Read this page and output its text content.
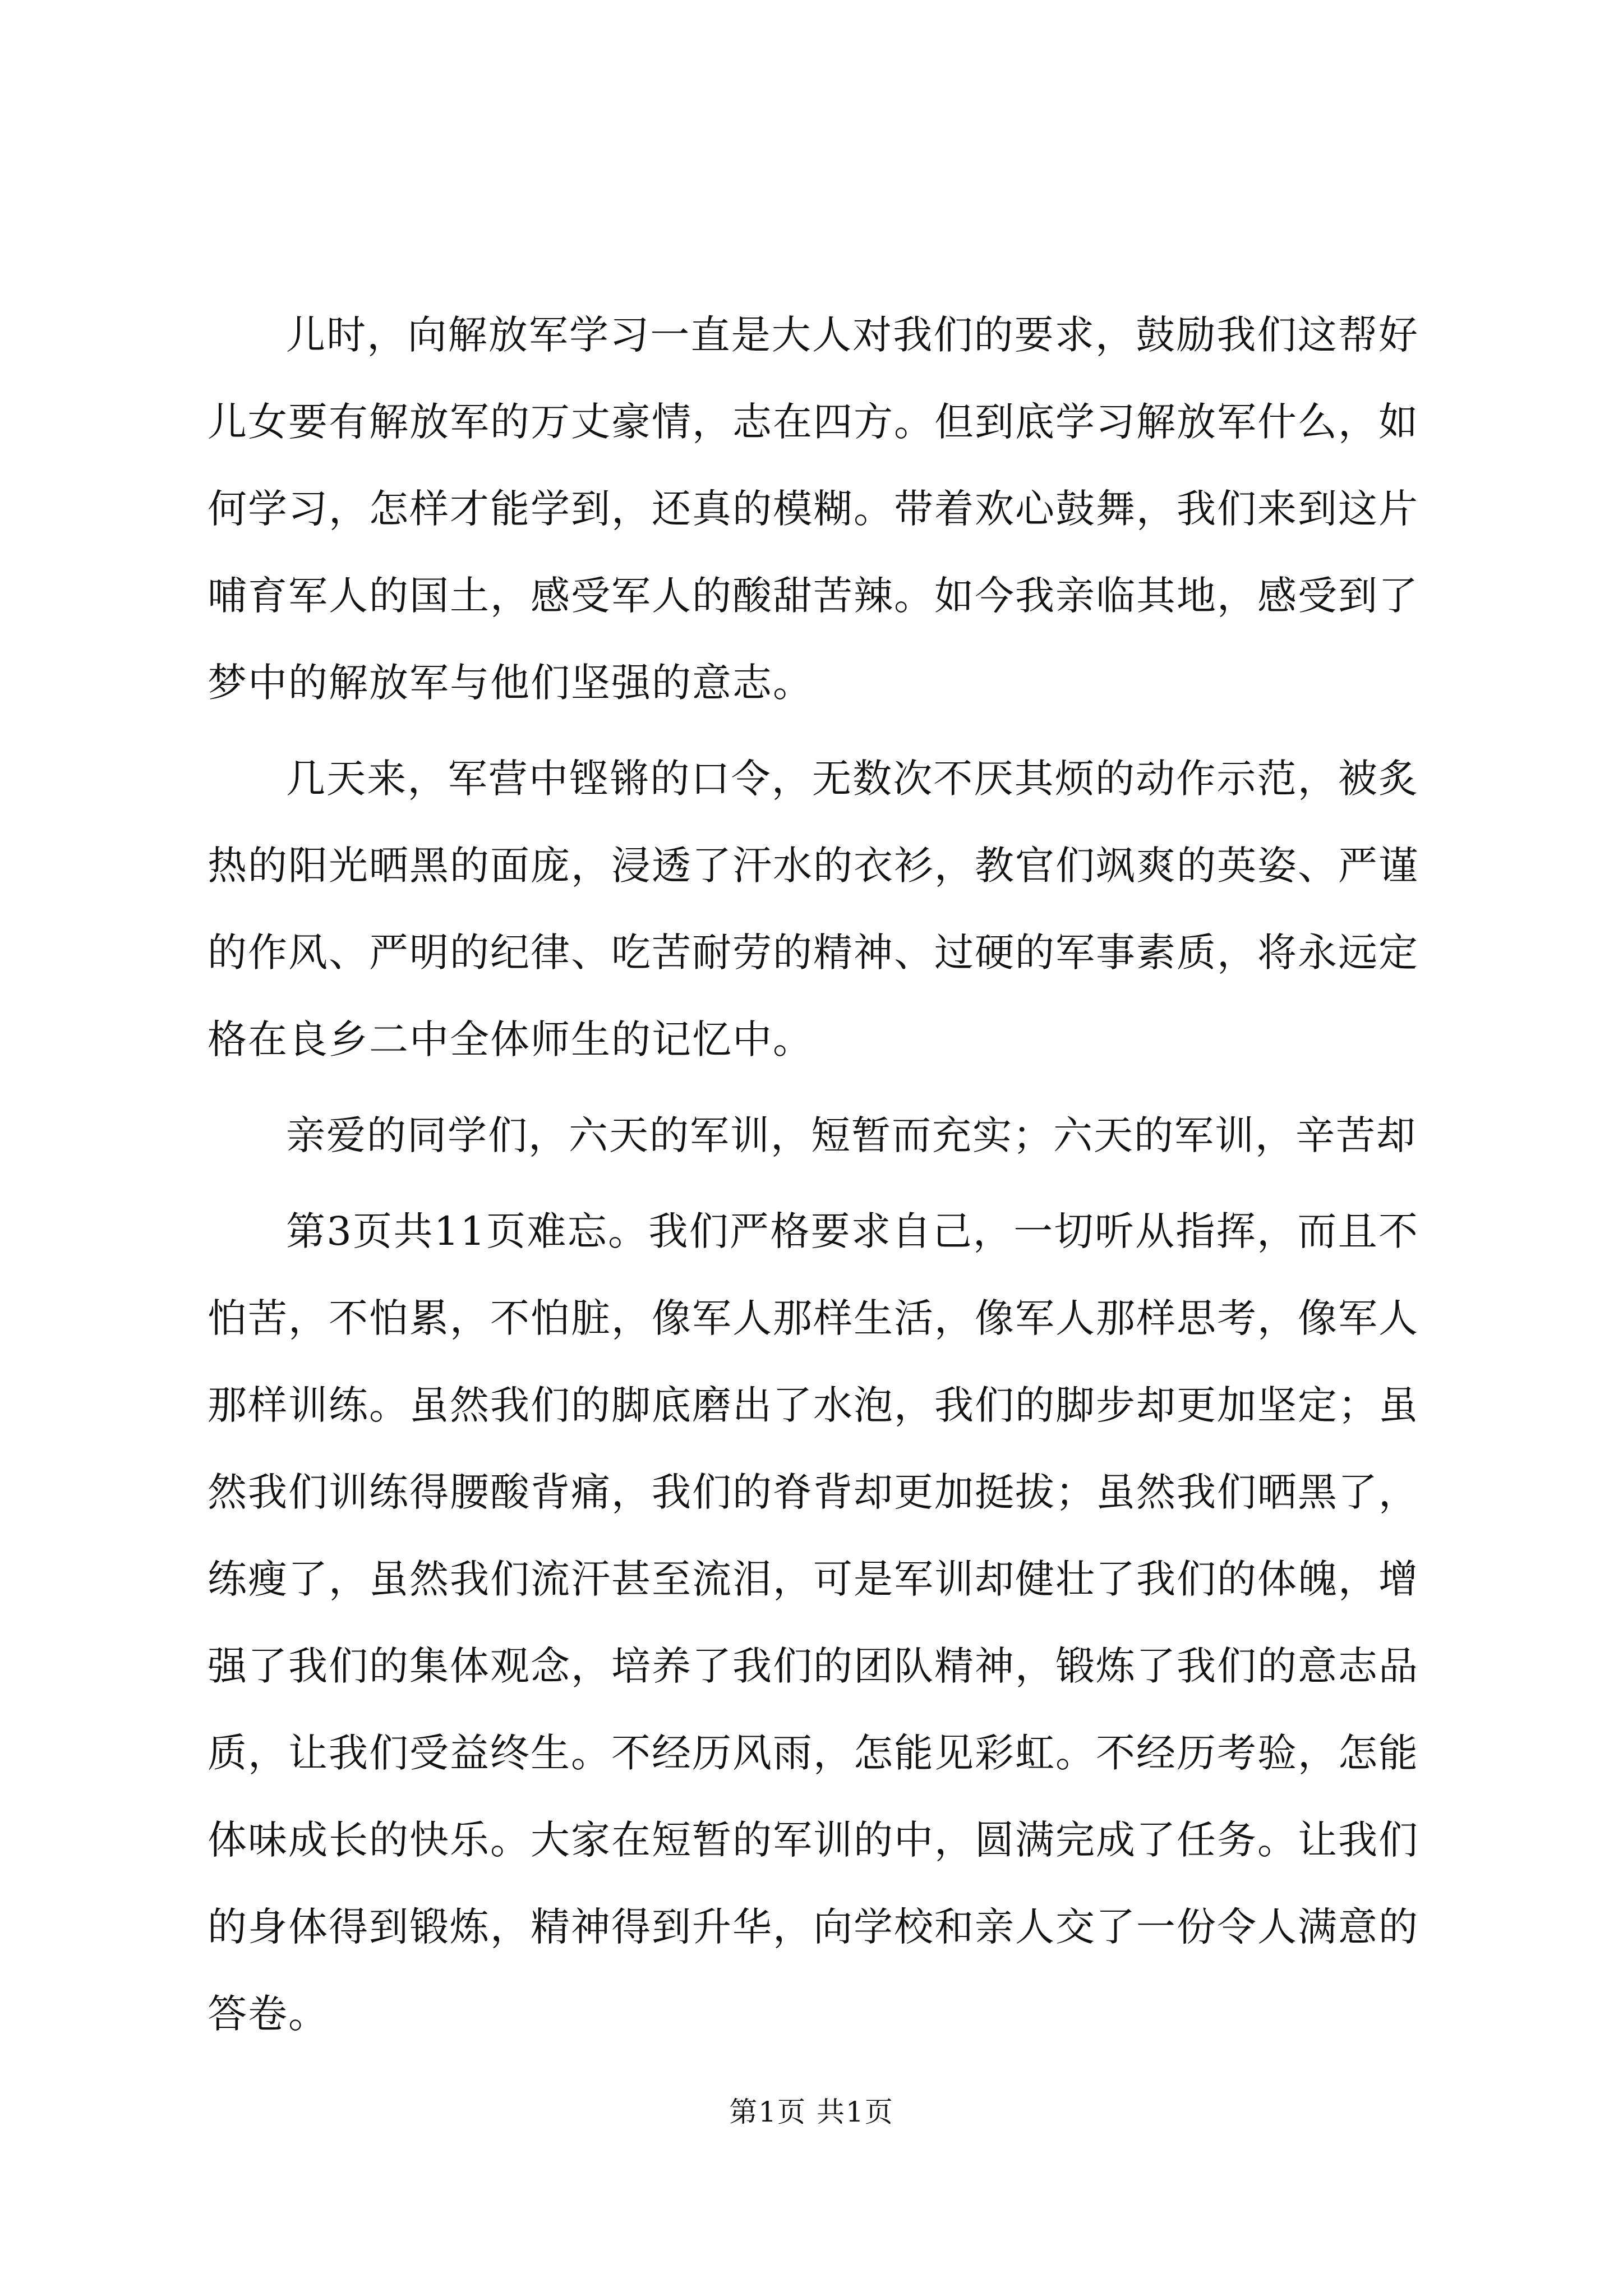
儿时，向解放军学习一直是大人对我们的要求，鼓励我们这帮好儿女要有解放军的万丈豪情，志在四方。但到底学习解放军什么，如何学习，怎样才能学到，还真的模糊。带着欢心鼓舞，我们来到这片哺育军人的国土，感受军人的酸甜苦辣。如今我亲临其地，感受到了梦中的解放军与他们坚强的意志。

几天来，军营中铿锵的口令，无数次不厌其烦的动作示范，被炙热的阳光晒黑的面庞，浸透了汗水的衣衫，教官们飒爽的英姿、严谨的作风、严明的纪律、吃苦耐劳的精神、过硬的军事素质，将永远定格在良乡二中全体师生的记忆中。

亲爱的同学们，六天的军训，短暂而充实；六天的军训，辛苦却

第3页共11页难忘。我们严格要求自己，一切听从指挥，而且不怕苦，不怕累，不怕脏，像军人那样生活，像军人那样思考，像军人那样训练。虽然我们的脚底磨出了水泡，我们的脚步却更加坚定；虽然我们训练得腰酸背痛，我们的脊背却更加挺拔；虽然我们晒黑了，练瘦了，虽然我们流汗甚至流泪，可是军训却健壮了我们的体魄，增强了我们的集体观念，培养了我们的团队精神，锻炼了我们的意志品质，让我们受益终生。不经历风雨，怎能见彩虹。不经历考验，怎能体味成长的快乐。大家在短暂的军训的中，圆满完成了任务。让我们的身体得到锻炼，精神得到升华，向学校和亲人交了一份令人满意的答卷。

第1页 共1页
